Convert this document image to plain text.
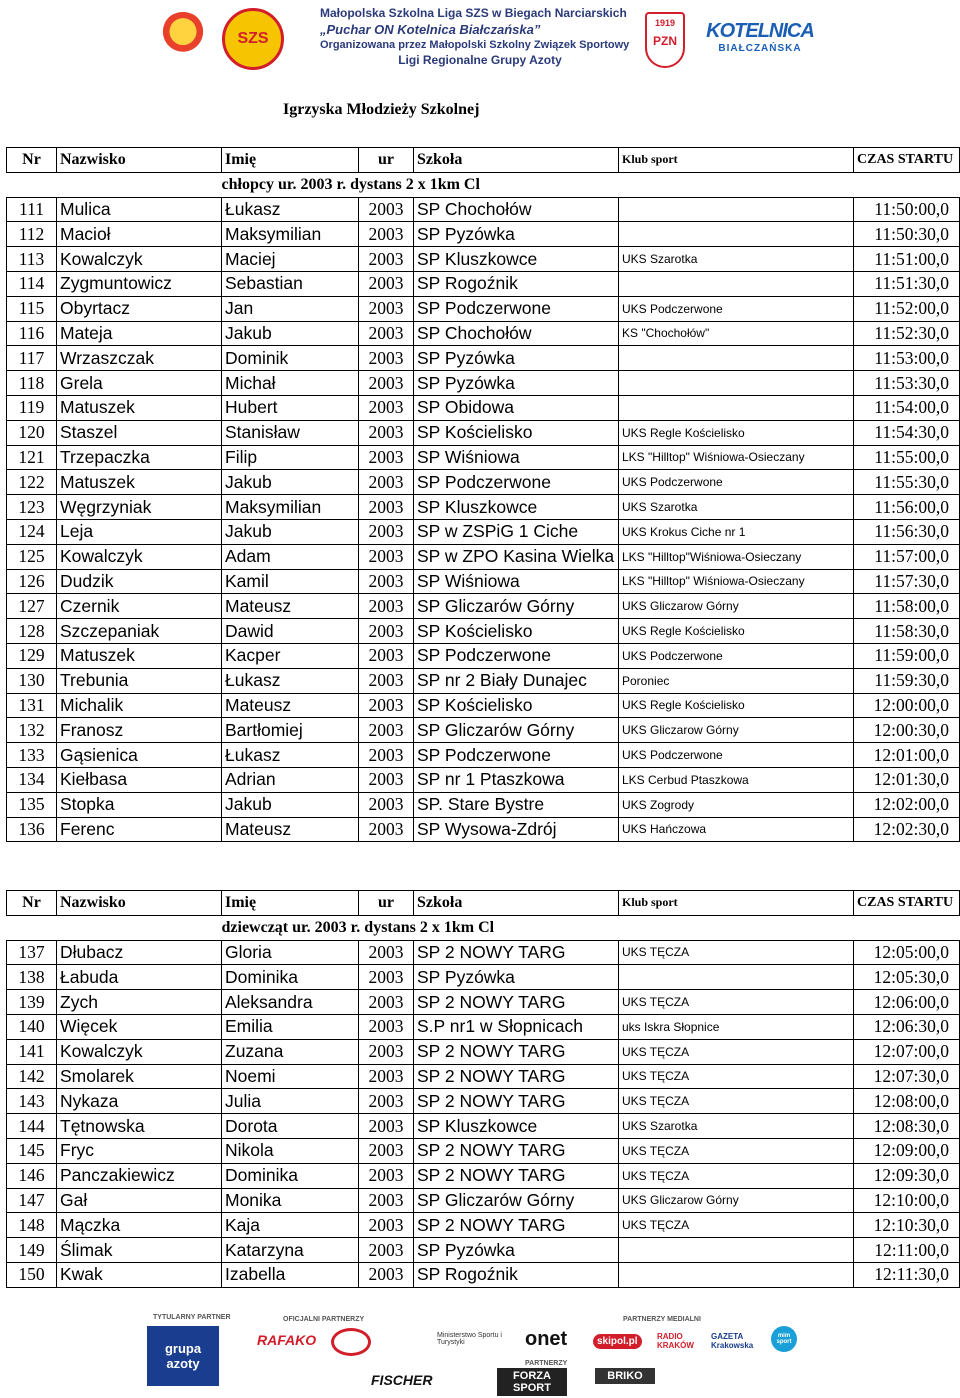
SZS
Małopolska Szkolna Liga SZS w Biegach Narciarskich
„Puchar ON Kotelnica Białczańska”
Organizowana przez Małopolski Szkolny Związek Sportowy
Ligi Regionalne Grupy Azoty
1919
PZN	KOTELNICA
BIAŁCZAŃSKA
Igrzyska Młodzieży Szkolnej
Nr	Nazwisko	Imię	ur	Szkoła	Klub sport	CZAS STARTU
		chłopcy ur. 2003 r. dystans 2 x 1km Cl				
111	Mulica	Łukasz	2003	SP Chochołów		11:50:00,0
112	Macioł	Maksymilian	2003	SP Pyzówka		11:50:30,0
113	Kowalczyk	Maciej	2003	SP Kluszkowce	UKS Szarotka	11:51:00,0
114	Zygmuntowicz	Sebastian	2003	SP Rogoźnik		11:51:30,0
115	Obyrtacz	Jan	2003	SP Podczerwone	UKS Podczerwone	11:52:00,0
116	Mateja	Jakub	2003	SP Chochołów	KS "Chochołów"	11:52:30,0
117	Wrzaszczak	Dominik	2003	SP Pyzówka		11:53:00,0
118	Grela	Michał	2003	SP Pyzówka		11:53:30,0
119	Matuszek	Hubert	2003	SP Obidowa		11:54:00,0
120	Staszel	Stanisław	2003	SP Kościelisko	UKS Regle Kościelisko	11:54:30,0
121	Trzepaczka	Filip	2003	SP Wiśniowa	LKS "Hilltop" Wiśniowa-Osieczany	11:55:00,0
122	Matuszek	Jakub	2003	SP Podczerwone	UKS Podczerwone	11:55:30,0
123	Węgrzyniak	Maksymilian	2003	SP Kluszkowce	UKS Szarotka	11:56:00,0
124	Leja	Jakub	2003	SP w ZSPiG 1 Ciche	UKS Krokus Ciche nr 1	11:56:30,0
125	Kowalczyk	Adam	2003	SP w ZPO Kasina Wielka	LKS "Hilltop"Wiśniowa-Osieczany	11:57:00,0
126	Dudzik	Kamil	2003	SP Wiśniowa	LKS "Hilltop" Wiśniowa-Osieczany	11:57:30,0
127	Czernik	Mateusz	2003	SP Gliczarów Górny	UKS Gliczarow Górny	11:58:00,0
128	Szczepaniak	Dawid	2003	SP Kościelisko	UKS Regle Kościelisko	11:58:30,0
129	Matuszek	Kacper	2003	SP Podczerwone	UKS Podczerwone	11:59:00,0
130	Trebunia	Łukasz	2003	SP nr 2 Biały Dunajec	Poroniec	11:59:30,0
131	Michalik	Mateusz	2003	SP Kościelisko	UKS Regle Kościelisko	12:00:00,0
132	Franosz	Bartłomiej	2003	SP Gliczarów Górny	UKS Gliczarow Górny	12:00:30,0
133	Gąsienica	Łukasz	2003	SP Podczerwone	UKS Podczerwone	12:01:00,0
134	Kiełbasa	Adrian	2003	SP nr 1 Ptaszkowa	LKS Cerbud Ptaszkowa	12:01:30,0
135	Stopka	Jakub	2003	SP. Stare Bystre	UKS Zogrody	12:02:00,0
136	Ferenc	Mateusz	2003	SP Wysowa-Zdrój	UKS Hańczowa	12:02:30,0
Nr	Nazwisko	Imię	ur	Szkoła	Klub sport	CZAS STARTU
		dziewcząt ur. 2003 r. dystans 2 x 1km Cl				
137	Dłubacz	Gloria	2003	SP 2 NOWY TARG	UKS TĘCZA	12:05:00,0
138	Łabuda	Dominika	2003	SP Pyzówka		12:05:30,0
139	Zych	Aleksandra	2003	SP 2 NOWY TARG	UKS TĘCZA	12:06:00,0
140	Więcek	Emilia	2003	S.P nr1 w Słopnicach	uks Iskra Słopnice	12:06:30,0
141	Kowalczyk	Zuzana	2003	SP 2 NOWY TARG	UKS TĘCZA	12:07:00,0
142	Smolarek	Noemi	2003	SP 2 NOWY TARG	UKS TĘCZA	12:07:30,0
143	Nykaza	Julia	2003	SP 2 NOWY TARG	UKS TĘCZA	12:08:00,0
144	Tętnowska	Dorota	2003	SP Kluszkowce	UKS Szarotka	12:08:30,0
145	Fryc	Nikola	2003	SP 2 NOWY TARG	UKS TĘCZA	12:09:00,0
146	Panczakiewicz	Dominika	2003	SP 2 NOWY TARG	UKS TĘCZA	12:09:30,0
147	Gał	Monika	2003	SP Gliczarów Górny	UKS Gliczarow Górny	12:10:00,0
148	Mączka	Kaja	2003	SP 2 NOWY TARG	UKS TĘCZA	12:10:30,0
149	Ślimak	Katarzyna	2003	SP Pyzówka		12:11:00,0
150	Kwak	Izabella	2003	SP Rogoźnik		12:11:30,0
TYTULARNY PARTNER
grupa azoty
OFICJALNI PARTNERZY
RAFAKO	Ministerstwo Sportu i Turystyki	onet	skipol.pl
PARTNERZY MEDIALNI
RADIO KRAKÓW
GAZETA Krakowska
mim sport
PARTNERZY
FISCHER	FORZA SPORT
BRIKO
